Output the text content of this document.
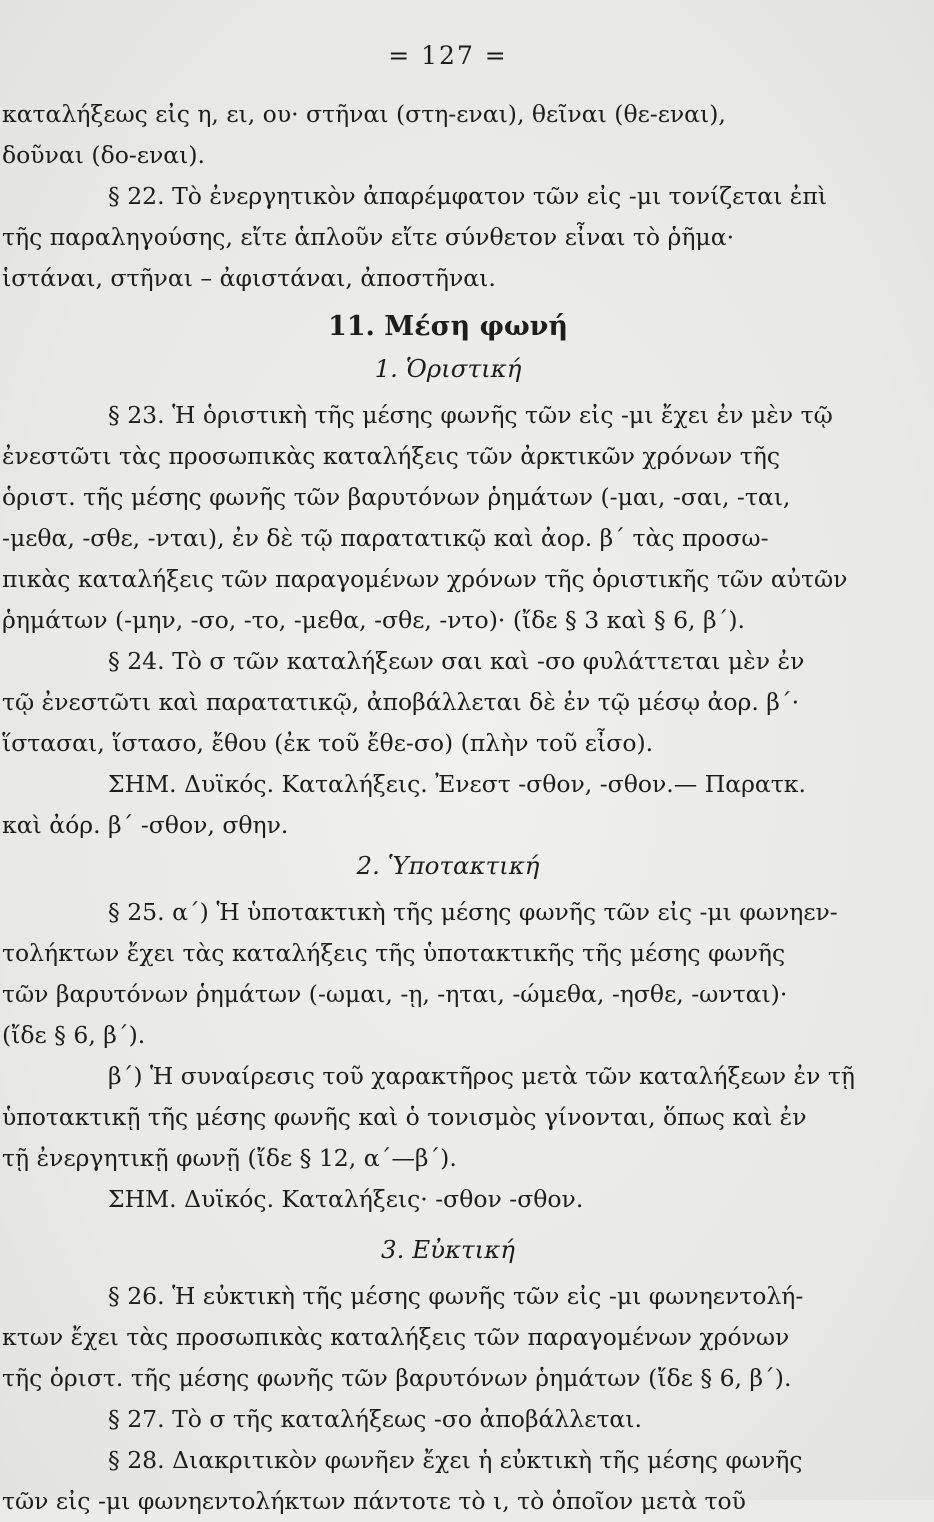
= 127 =
καταλήξεως εἰς η, ει, ου· στῆναι (στη-εναι), θεῖναι (θε-εναι),
δοῦναι (δο-εναι).
§ 22. Τὸ ἐνεργητικὸν ἀπαρέμφατον τῶν εἰς -μι τονίζεται ἐπὶ
τῆς παραληγούσης, εἴτε ἁπλοῦν εἴτε σύνθετον εἶναι τὸ ῥῆμα·
ἱστάναι, στῆναι – ἀφιστάναι, ἀποστῆναι.
11. Μέση φωνή
1. Ὁριστική
§ 23. Ἡ ὁριστικὴ τῆς μέσης φωνῆς τῶν εἰς -μι ἔχει ἐν μὲν τῷ
ἐνεστῶτι τὰς προσωπικὰς καταλήξεις τῶν ἀρκτικῶν χρόνων τῆς
ὁριστ. τῆς μέσης φωνῆς τῶν βαρυτόνων ῥημάτων (-μαι, -σαι, -ται,
-μεθα, -σθε, -νται), ἐν δὲ τῷ παρατατικῷ καὶ ἀορ. β΄ τὰς προσω-
πικὰς καταλήξεις τῶν παραγομένων χρόνων τῆς ὁριστικῆς τῶν αὐτῶν
ῥημάτων (-μην, -σο, -το, -μεθα, -σθε, -ντο)· (ἴδε § 3 καὶ § 6, β΄).
§ 24. Τὸ σ τῶν καταλήξεων σαι καὶ -σο φυλάττεται μὲν ἐν
τῷ ἐνεστῶτι καὶ παρατατικῷ, ἀποβάλλεται δὲ ἐν τῷ μέσῳ ἀορ. β΄·
ἵστασαι, ἵστασο, ἔθου (ἐκ τοῦ ἔθε-σο) (πλὴν τοῦ εἶσο).
ΣΗΜ. Δυϊκός. Καταλήξεις. Ἐνεστ -σθον, -σθον.— Παρατκ.
καὶ ἀόρ. β΄ -σθον, σθην.
2. Ὑποτακτική
§ 25. α΄) Ἡ ὑποτακτικὴ τῆς μέσης φωνῆς τῶν εἰς -μι φωνηεν-
τολήκτων ἔχει τὰς καταλήξεις τῆς ὑποτακτικῆς τῆς μέσης φωνῆς
τῶν βαρυτόνων ῥημάτων (-ωμαι, -ῃ, -ηται, -ώμεθα, -ησθε, -ωνται)·
(ἴδε § 6, β΄).
β΄) Ἡ συναίρεσις τοῦ χαρακτῆρος μετὰ τῶν καταλήξεων ἐν τῇ
ὑποτακτικῇ τῆς μέσης φωνῆς καὶ ὁ τονισμὸς γίνονται, ὅπως καὶ ἐν
τῇ ἐνεργητικῇ φωνῇ (ἴδε § 12, α΄—β΄).
ΣΗΜ. Δυϊκός. Καταλήξεις· -σθον -σθον.
3. Εὐκτική
§ 26. Ἡ εὐκτικὴ τῆς μέσης φωνῆς τῶν εἰς -μι φωνηεντολή-
κτων ἔχει τὰς προσωπικὰς καταλήξεις τῶν παραγομένων χρόνων
τῆς ὁριστ. τῆς μέσης φωνῆς τῶν βαρυτόνων ῥημάτων (ἴδε § 6, β΄).
§ 27. Τὸ σ τῆς καταλήξεως -σο ἀποβάλλεται.
§ 28. Διακριτικὸν φωνῆεν ἔχει ἡ εὐκτικὴ τῆς μέσης φωνῆς
τῶν εἰς -μι φωνηεντολήκτων πάντοτε τὸ ι, τὸ ὁποῖον μετὰ τοῦ
